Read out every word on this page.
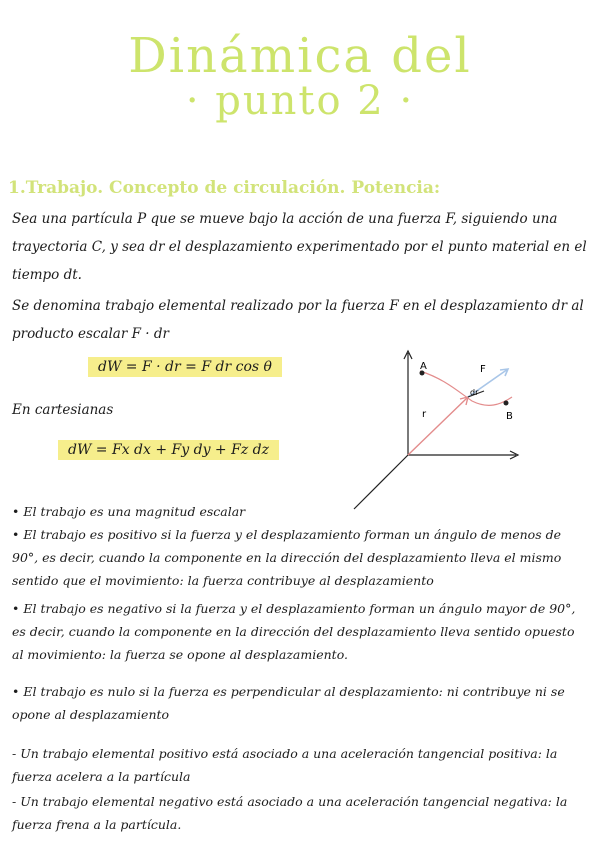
Dinámica del
· punto 2 ·
1.Trabajo. Concepto de circulación. Potencia:

Sea una partícula P que se mueve bajo la acción de una fuerza F, siguiendo una trayectoria C, y sea dr el desplazamiento experimentado por el punto material en el tiempo dt.

Se denomina trabajo elemental realizado por la fuerza F en el desplazamiento dr al producto escalar F · dr

dW = F · dr = F dr cos θ
En cartesianas
dW = Fx dx + Fy dy + Fz dz
A
B
F
dr
r

• El trabajo es una magnitud escalar

• El trabajo es positivo si la fuerza y el desplazamiento forman un ángulo de menos de 90°, es decir, cuando la componente en la dirección del desplazamiento lleva el mismo sentido que el movimiento: la fuerza contribuye al desplazamiento

• El trabajo es negativo si la fuerza y el desplazamiento forman un ángulo mayor de 90°, es decir, cuando la componente en la dirección del desplazamiento lleva sentido opuesto al movimiento: la fuerza se opone al desplazamiento.

• El trabajo es nulo si la fuerza es perpendicular al desplazamiento: ni contribuye ni se opone al desplazamiento

- Un trabajo elemental positivo está asociado a una aceleración tangencial positiva: la fuerza acelera a la partícula

- Un trabajo elemental negativo está asociado a una aceleración tangencial negativa: la fuerza frena a la partícula.
